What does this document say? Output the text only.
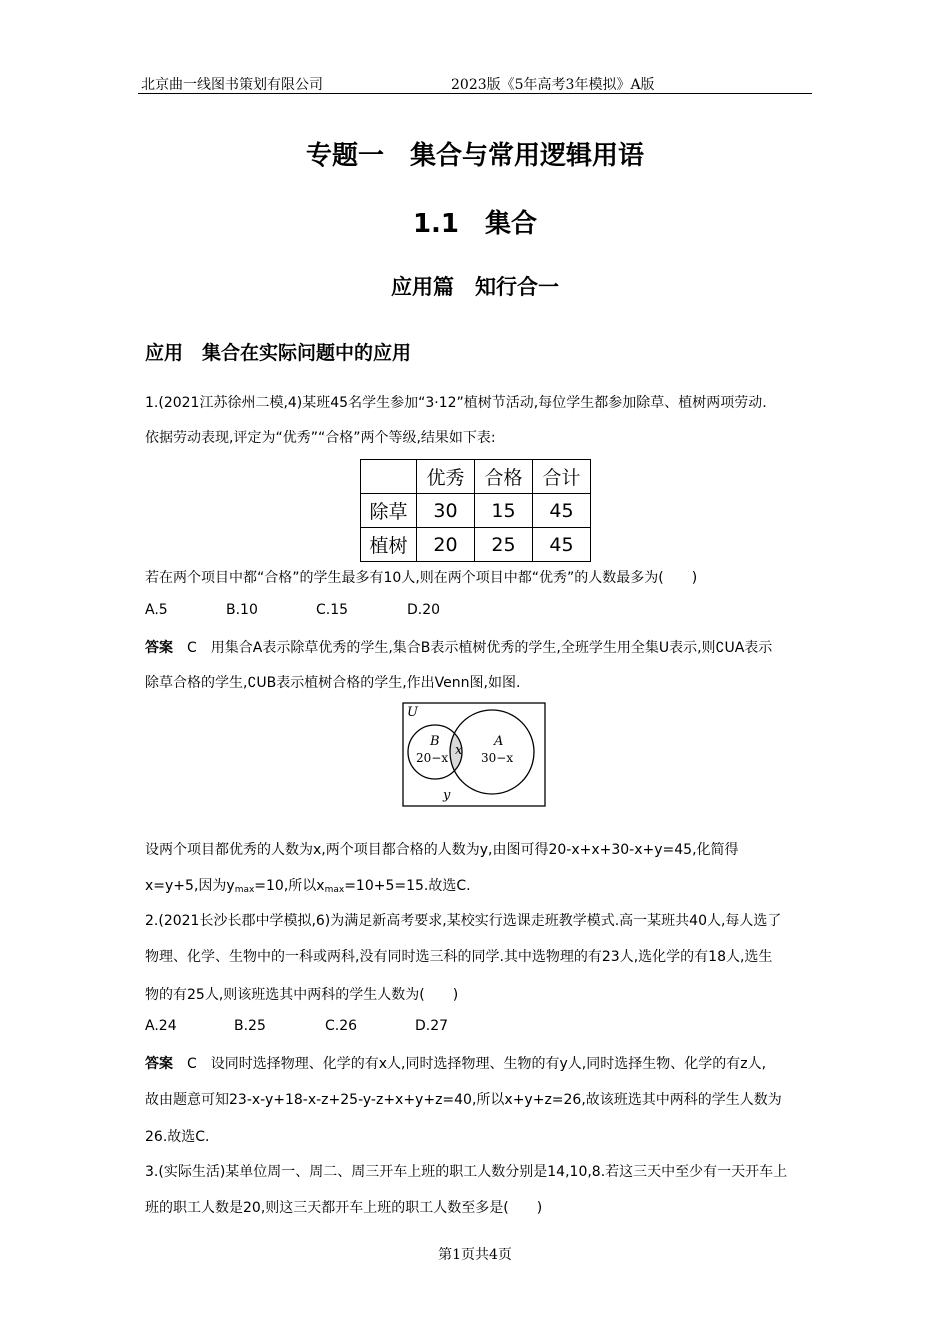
北京曲一线图书策划有限公司	2023版《5年高考3年模拟》A版
专题一　集合与常用逻辑用语
1.1　集合
应用篇　知行合一
应用　集合在实际问题中的应用
1.(2021江苏徐州二模,4)某班45名学生参加“3·12”植树节活动,每位学生都参加除草、植树两项劳动.
依据劳动表现,评定为“优秀”“合格”两个等级,结果如下表:
	优秀	合格	合计
除草	30	15	45
植树	20	25	45
若在两个项目中都“合格”的学生最多有10人,则在两个项目中都“优秀”的人数最多为(　　)
A.5	B.10	C.15	D.20
答案　C　用集合A表示除草优秀的学生,集合B表示植树优秀的学生,全班学生用全集U表示,则∁UA表示
除草合格的学生,∁UB表示植树合格的学生,作出Venn图,如图.
U
B
20−x x
A
30−x
y
设两个项目都优秀的人数为x,两个项目都合格的人数为y,由图可得20-x+x+30-x+y=45,化简得
x=y+5,因为$y_{max}=10$,所以$x_{max}=10+5=15$.故选C.
2.(2021长沙长郡中学模拟,6)为满足新高考要求,某校实行选课走班教学模式.高一某班共40人,每人选了
物理、化学、生物中的一科或两科,没有同时选三科的同学.其中选物理的有23人,选化学的有18人,选生
物的有25人,则该班选其中两科的学生人数为(　　)
A.24	B.25	C.26	D.27
答案　C　设同时选择物理、化学的有x人,同时选择物理、生物的有y人,同时选择生物、化学的有z人,
故由题意可知23-x-y+18-x-z+25-y-z+x+y+z=40,所以x+y+z=26,故该班选其中两科的学生人数为
26.故选C.
3.(实际生活)某单位周一、周二、周三开车上班的职工人数分别是14,10,8.若这三天中至少有一天开车上
班的职工人数是20,则这三天都开车上班的职工人数至多是(　　)
第1页共4页
